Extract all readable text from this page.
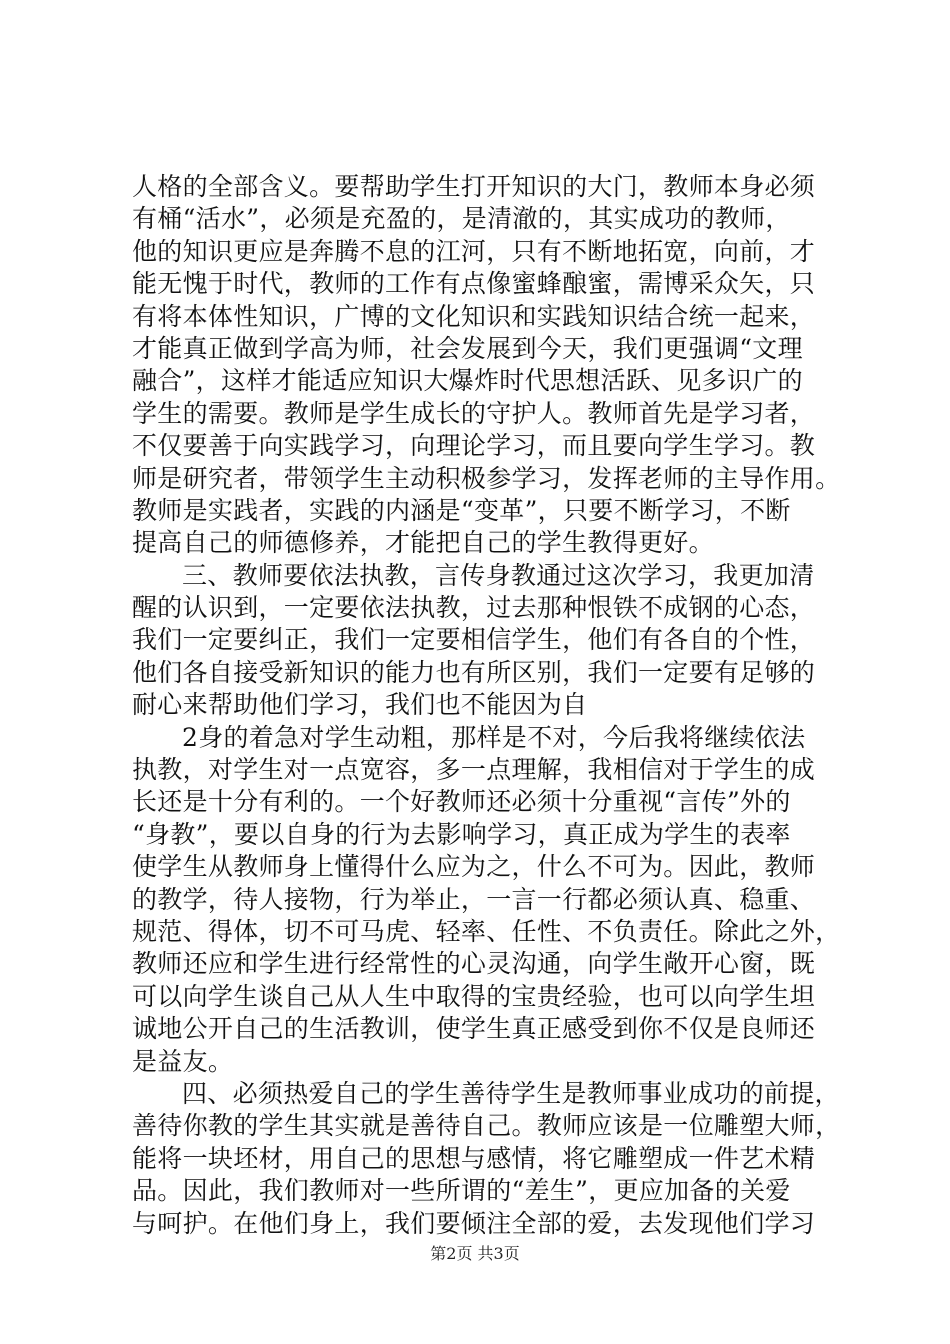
人格的全部含义。要帮助学生打开知识的大门，教师本身必须
有桶“活水”，必须是充盈的，是清澈的，其实成功的教师，
他的知识更应是奔腾不息的江河，只有不断地拓宽，向前，才
能无愧于时代，教师的工作有点像蜜蜂酿蜜，需博采众矢，只
有将本体性知识，广博的文化知识和实践知识结合统一起来，
才能真正做到学高为师，社会发展到今天，我们更强调“文理
融合”，这样才能适应知识大爆炸时代思想活跃、见多识广的
学生的需要。教师是学生成长的守护人。教师首先是学习者，
不仅要善于向实践学习，向理论学习，而且要向学生学习。教
师是研究者，带领学生主动积极参学习，发挥老师的主导作用。
教师是实践者，实践的内涵是“变革”，只要不断学习，不断
提高自己的师德修养，才能把自己的学生教得更好。
三、教师要依法执教，言传身教通过这次学习，我更加清
醒的认识到，一定要依法执教，过去那种恨铁不成钢的心态，
我们一定要纠正，我们一定要相信学生，他们有各自的个性，
他们各自接受新知识的能力也有所区别，我们一定要有足够的
耐心来帮助他们学习，我们也不能因为自
2身的着急对学生动粗，那样是不对，今后我将继续依法
执教，对学生对一点宽容，多一点理解，我相信对于学生的成
长还是十分有利的。一个好教师还必须十分重视“言传”外的
“身教”，要以自身的行为去影响学习，真正成为学生的表率
使学生从教师身上懂得什么应为之，什么不可为。因此，教师
的教学，待人接物，行为举止，一言一行都必须认真、稳重、
规范、得体，切不可马虎、轻率、任性、不负责任。除此之外，
教师还应和学生进行经常性的心灵沟通，向学生敞开心窗，既
可以向学生谈自己从人生中取得的宝贵经验，也可以向学生坦
诚地公开自己的生活教训，使学生真正感受到你不仅是良师还
是益友。
四、必须热爱自己的学生善待学生是教师事业成功的前提，
善待你教的学生其实就是善待自己。教师应该是一位雕塑大师，
能将一块坯材，用自己的思想与感情，将它雕塑成一件艺术精
品。因此，我们教师对一些所谓的“差生”，更应加备的关爱
与呵护。在他们身上，我们要倾注全部的爱，去发现他们学习
第2页 共3页
